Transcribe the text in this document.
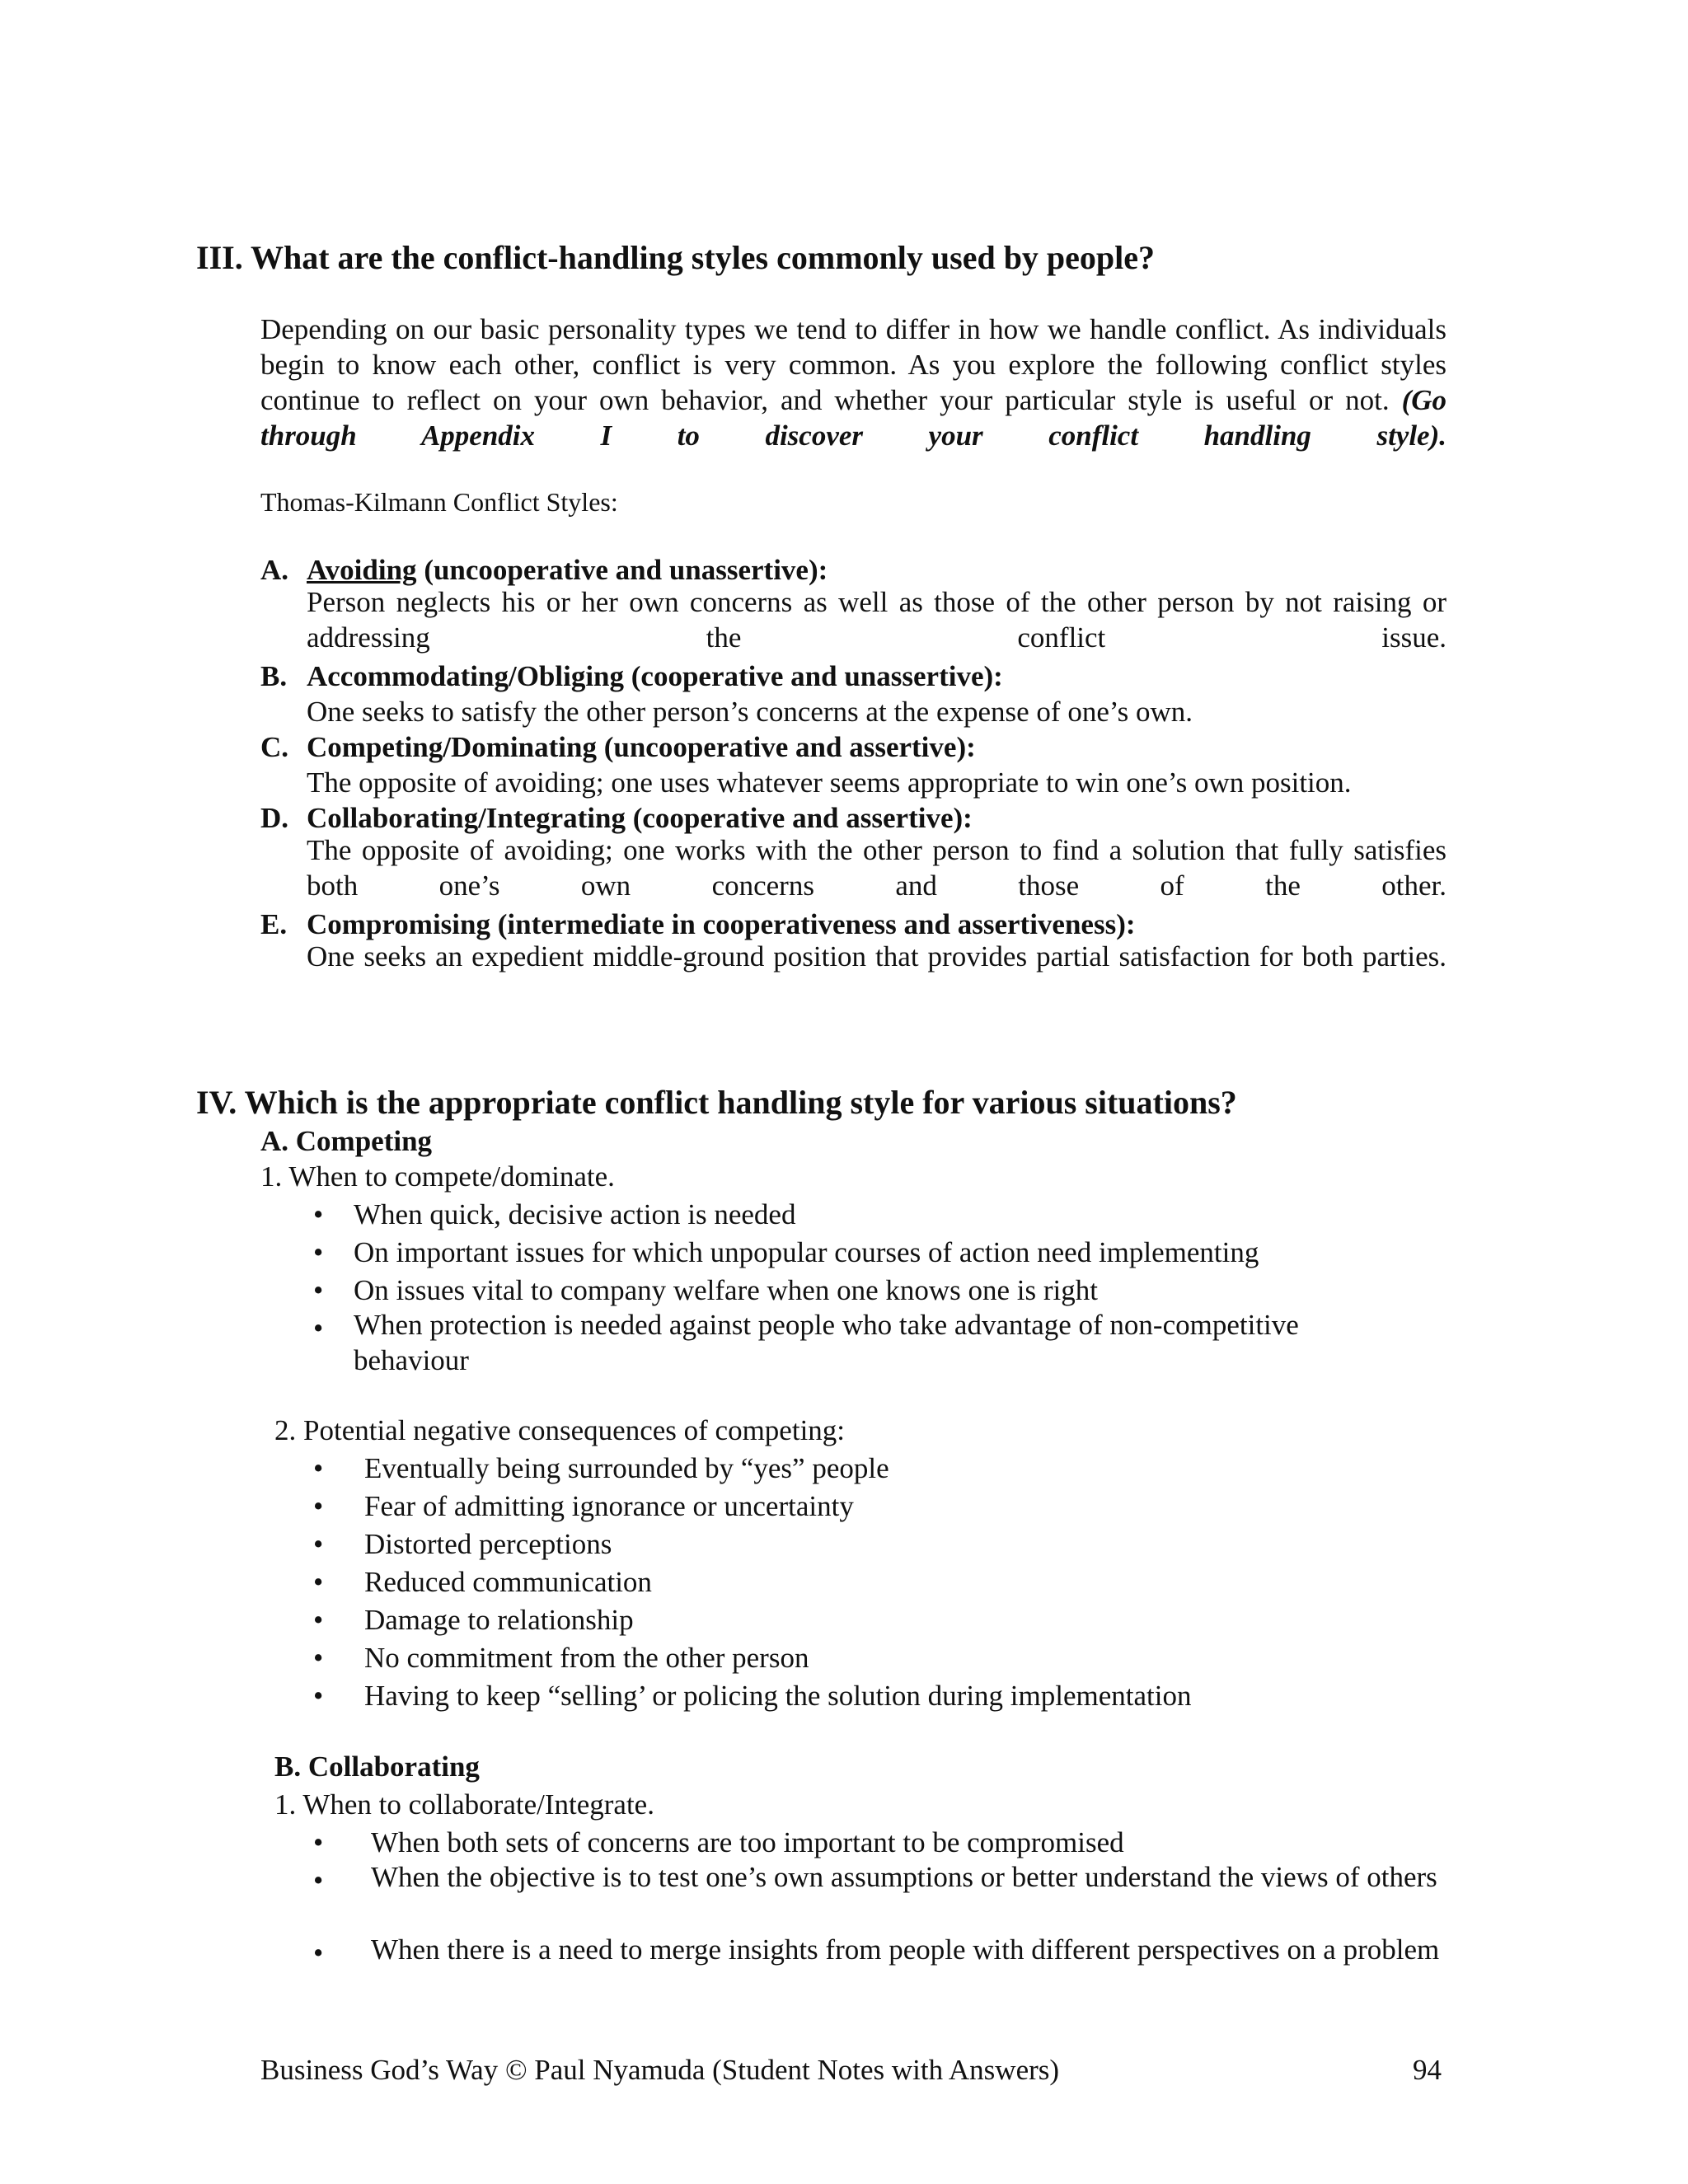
III. What are the conflict-handling styles commonly used by people?
Depending on our basic personality types we tend to differ in how we handle conflict. As individuals begin to know each other, conflict is very common. As you explore the following conflict styles continue to reflect on your own behavior, and whether your particular style is useful or not. (Go through Appendix I to discover your conflict handling style).
Thomas-Kilmann Conflict Styles:
A. Avoiding (uncooperative and unassertive):
Person neglects his or her own concerns as well as those of the other person by not raising or addressing the conflict issue.
B. Accommodating/Obliging (cooperative and unassertive):
One seeks to satisfy the other person’s concerns at the expense of one’s own.
C. Competing/Dominating (uncooperative and assertive):
The opposite of avoiding; one uses whatever seems appropriate to win one’s own position.
D. Collaborating/Integrating (cooperative and assertive):
The opposite of avoiding; one works with the other person to find a solution that fully satisfies both one’s own concerns and those of the other.
E. Compromising (intermediate in cooperativeness and assertiveness):
One seeks an expedient middle-ground position that provides partial satisfaction for both parties.
IV. Which is the appropriate conflict handling style for various situations?
A. Competing
1. When to compete/dominate.
• When quick, decisive action is needed
• On important issues for which unpopular courses of action need implementing
• On issues vital to company welfare when one knows one is right
• When protection is needed against people who take advantage of non-competitive behaviour
2. Potential negative consequences of competing:
• Eventually being surrounded by “yes” people
• Fear of admitting ignorance or uncertainty
• Distorted perceptions
• Reduced communication
• Damage to relationship
• No commitment from the other person
• Having to keep “selling’ or policing the solution during implementation
B. Collaborating
1. When to collaborate/Integrate.
• When both sets of concerns are too important to be compromised
• When the objective is to test one’s own assumptions or better understand the views of others
• When there is a need to merge insights from people with different perspectives on a problem
Business God’s Way © Paul Nyamuda (Student Notes with Answers)	94
